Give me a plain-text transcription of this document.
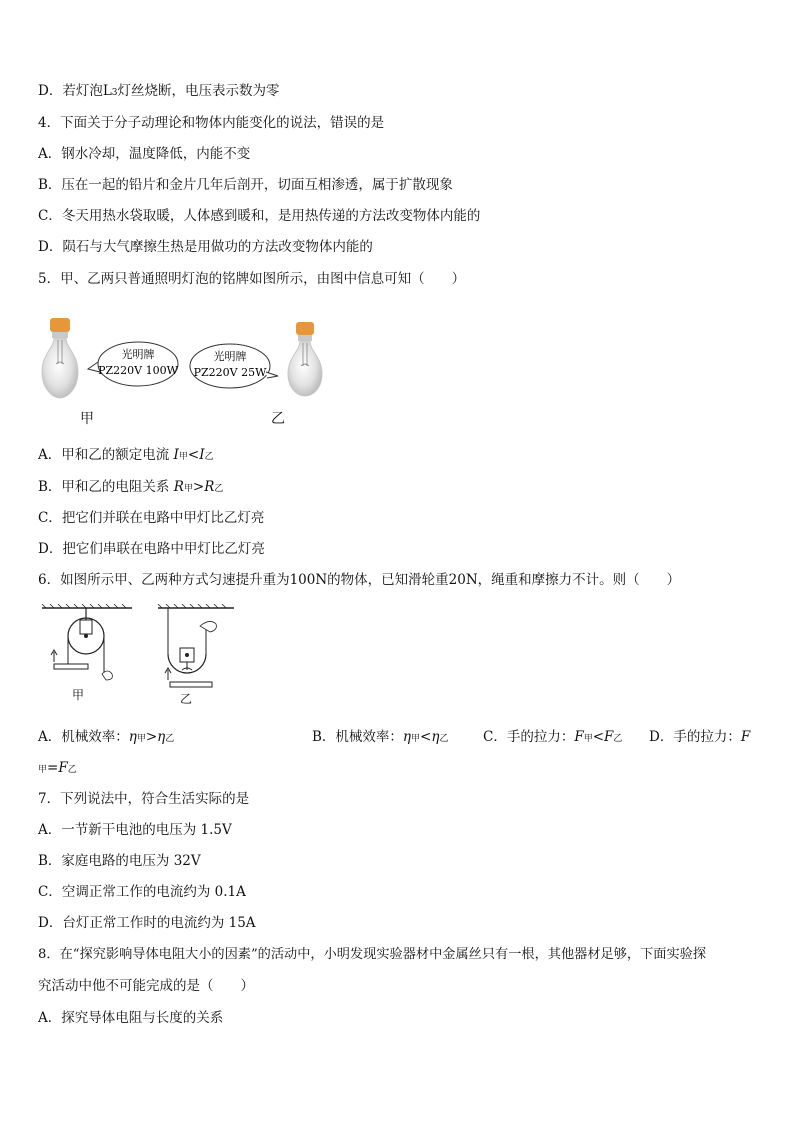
D．若灯泡L3灯丝烧断，电压表示数为零
4．下面关于分子动理论和物体内能变化的说法，错误的是
A．钢水冷却，温度降低，内能不变
B．压在一起的铅片和金片几年后剖开，切面互相渗透，属于扩散现象
C．冬天用热水袋取暖，人体感到暖和，是用热传递的方法改变物体内能的
D．陨石与大气摩擦生热是用做功的方法改变物体内能的
5．甲、乙两只普通照明灯泡的铭牌如图所示，由图中信息可知（　　）
光明牌
PZ220V 100W
光明牌
PZ220V 25W
甲	乙
A．甲和乙的额定电流 I甲<I乙
B．甲和乙的电阻关系 R甲>R乙
C．把它们并联在电路中甲灯比乙灯亮
D．把它们串联在电路中甲灯比乙灯亮
6．如图所示甲、乙两种方式匀速提升重为100N的物体，已知滑轮重20N，绳重和摩擦力不计。则（　　）
甲	乙
A．机械效率：η甲>η乙	B．机械效率：η甲<η乙	C．手的拉力：F甲<F乙 D．手的拉力：F
甲=F乙
7．下列说法中，符合生活实际的是
A．一节新干电池的电压为 1.5V
B．家庭电路的电压为 32V
C．空调正常工作的电流约为 0.1A
D．台灯正常工作时的电流约为 15A
8．在“探究影响导体电阻大小的因素”的活动中，小明发现实验器材中金属丝只有一根，其他器材足够，下面实验探
究活动中他不可能完成的是（　　）
A．探究导体电阻与长度的关系
